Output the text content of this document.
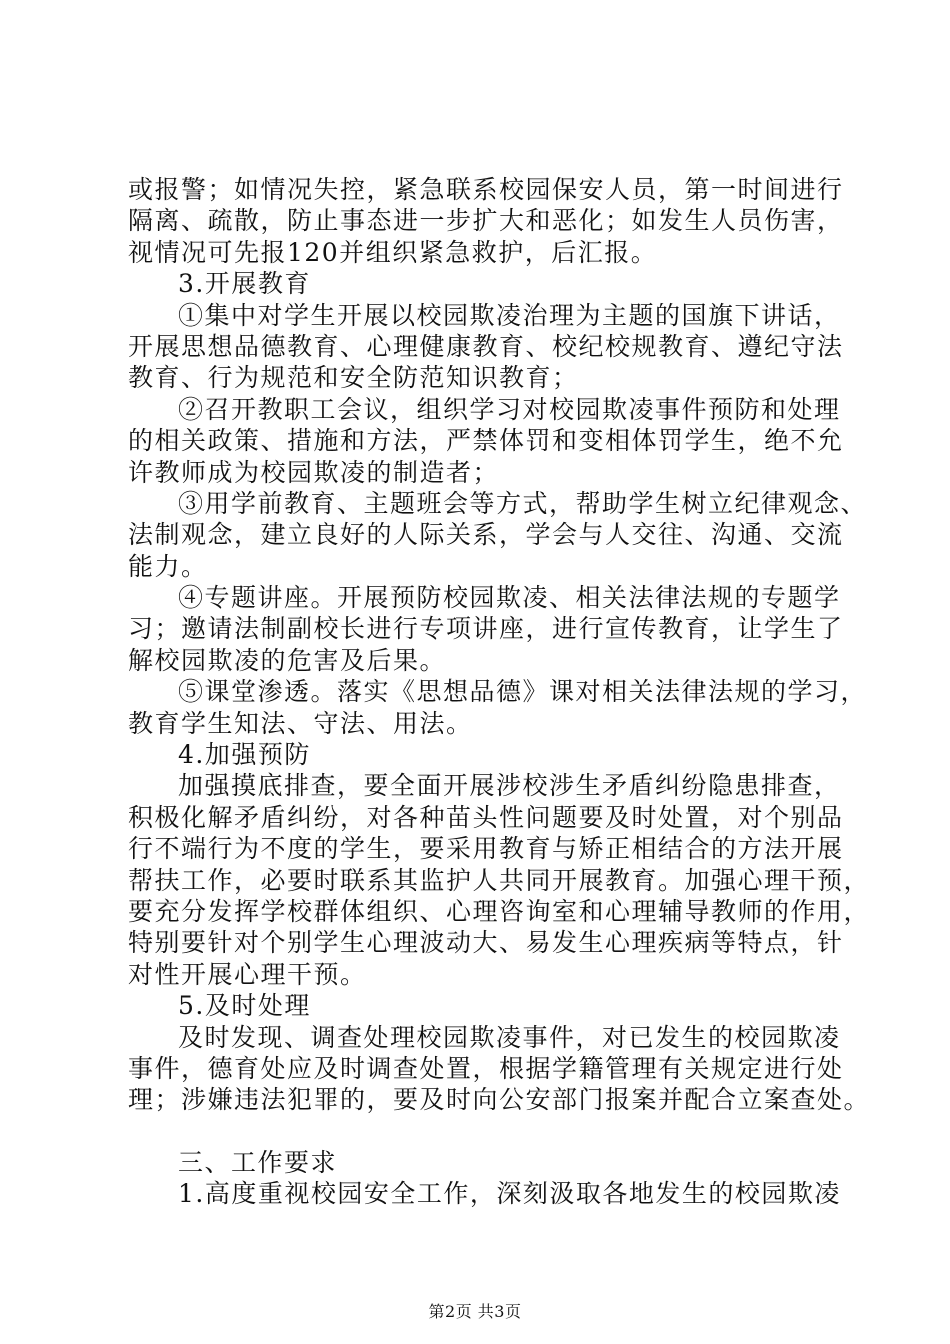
或报警；如情况失控，紧急联系校园保安人员，第一时间进行
隔离、疏散，防止事态进一步扩大和恶化；如发生人员伤害，
视情况可先报120并组织紧急救护，后汇报。
3.开展教育
①集中对学生开展以校园欺凌治理为主题的国旗下讲话，
开展思想品德教育、心理健康教育、校纪校规教育、遵纪守法
教育、行为规范和安全防范知识教育；
②召开教职工会议，组织学习对校园欺凌事件预防和处理
的相关政策、措施和方法，严禁体罚和变相体罚学生，绝不允
许教师成为校园欺凌的制造者；
③用学前教育、主题班会等方式，帮助学生树立纪律观念、
法制观念，建立良好的人际关系，学会与人交往、沟通、交流
能力。
④专题讲座。开展预防校园欺凌、相关法律法规的专题学
习；邀请法制副校长进行专项讲座，进行宣传教育，让学生了
解校园欺凌的危害及后果。
⑤课堂渗透。落实《思想品德》课对相关法律法规的学习，
教育学生知法、守法、用法。
4.加强预防
加强摸底排查，要全面开展涉校涉生矛盾纠纷隐患排查，
积极化解矛盾纠纷，对各种苗头性问题要及时处置，对个别品
行不端行为不度的学生，要采用教育与矫正相结合的方法开展
帮扶工作，必要时联系其监护人共同开展教育。加强心理干预，
要充分发挥学校群体组织、心理咨询室和心理辅导教师的作用，
特别要针对个别学生心理波动大、易发生心理疾病等特点，针
对性开展心理干预。
5.及时处理
及时发现、调查处理校园欺凌事件，对已发生的校园欺凌
事件，德育处应及时调查处置，根据学籍管理有关规定进行处
理；涉嫌违法犯罪的，要及时向公安部门报案并配合立案查处。
三、工作要求
1.高度重视校园安全工作，深刻汲取各地发生的校园欺凌
第2页 共3页
